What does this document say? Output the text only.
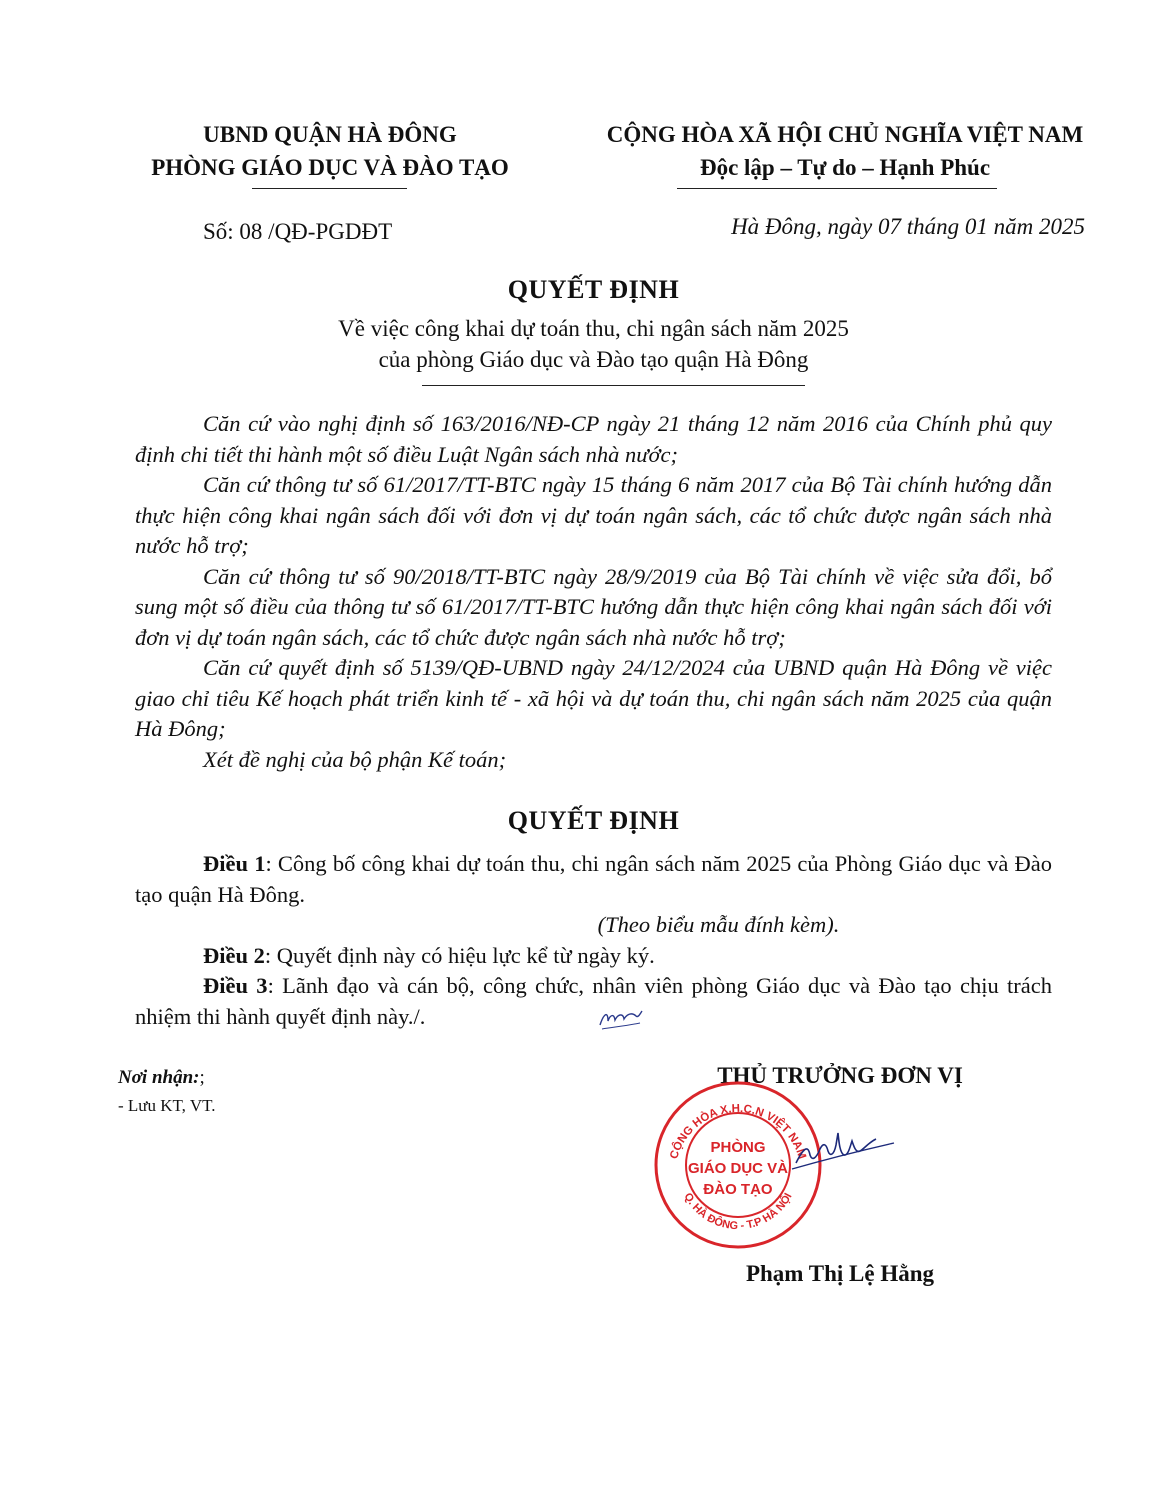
UBND QUẬN HÀ ĐÔNG
PHÒNG GIÁO DỤC VÀ ĐÀO TẠO
CỘNG HÒA XÃ HỘI CHỦ NGHĨA VIỆT NAM
Độc lập – Tự do – Hạnh Phúc
Số: 08 /QĐ-PGDĐT	Hà Đông, ngày 07 tháng 01 năm 2025
QUYẾT ĐỊNH
Về việc công khai dự toán thu, chi ngân sách năm 2025
của phòng Giáo dục và Đào tạo quận Hà Đông

Căn cứ vào nghị định số 163/2016/NĐ-CP ngày 21 tháng 12 năm 2016 của Chính phủ quy định chi tiết thi hành một số điều Luật Ngân sách nhà nước;

Căn cứ thông tư số 61/2017/TT-BTC ngày 15 tháng 6 năm 2017 của Bộ Tài chính hướng dẫn thực hiện công khai ngân sách đối với đơn vị dự toán ngân sách, các tổ chức được ngân sách nhà nước hỗ trợ;

Căn cứ thông tư số 90/2018/TT-BTC ngày 28/9/2019 của Bộ Tài chính về việc sửa đổi, bổ sung một số điều của thông tư số 61/2017/TT-BTC hướng dẫn thực hiện công khai ngân sách đối với đơn vị dự toán ngân sách, các tổ chức được ngân sách nhà nước hỗ trợ;

Căn cứ quyết định số 5139/QĐ-UBND ngày 24/12/2024 của UBND quận Hà Đông về việc giao chỉ tiêu Kế hoạch phát triển kinh tế - xã hội và dự toán thu, chi ngân sách năm 2025 của quận Hà Đông;

Xét đề nghị của bộ phận Kế toán;

QUYẾT ĐỊNH

Điều 1: Công bố công khai dự toán thu, chi ngân sách năm 2025 của Phòng Giáo dục và Đào tạo quận Hà Đông.

(Theo biểu mẫu đính kèm).

Điều 2: Quyết định này có hiệu lực kể từ ngày ký.

Điều 3: Lãnh đạo và cán bộ, công chức, nhân viên phòng Giáo dục và Đào tạo chịu trách nhiệm thi hành quyết định này./.

Nơi nhận:;
- Lưu KT, VT.
THỦ TRƯỞNG ĐƠN VỊ
CỘNG HÒA X.H.C.N VIỆT NAM
Q. HÀ ĐÔNG - T.P HÀ NỘI
PHÒNG
GIÁO DỤC VÀ
ĐÀO TẠO
Phạm Thị Lệ Hằng
